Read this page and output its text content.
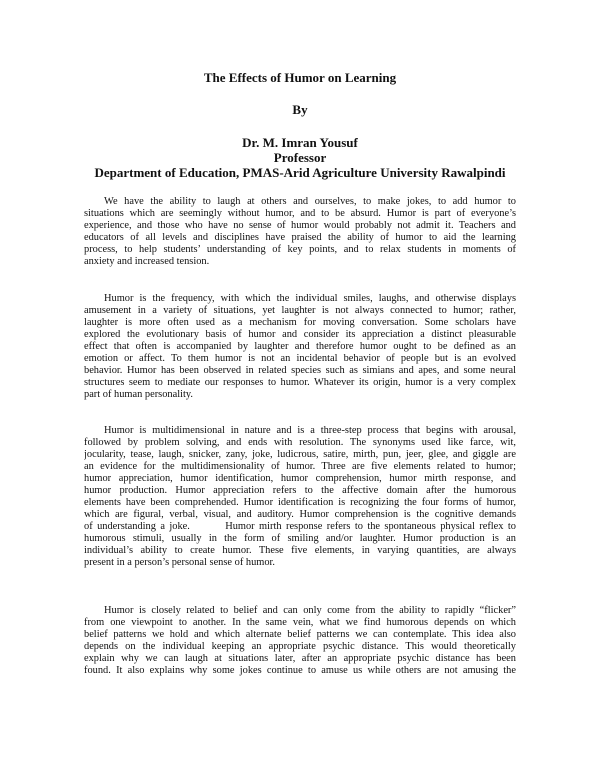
The Effects of Humor on Learning
By
Dr. M. Imran Yousuf
Professor
Department of Education, PMAS-Arid Agriculture University Rawalpindi
We have the ability to laugh at others and ourselves, to make jokes, to add humor to
situations which are seemingly without humor, and to be absurd. Humor is part of everyone’s
experience, and those who have no sense of humor would probably not admit it. Teachers and
educators of all levels and disciplines have praised the ability of humor to aid the learning
process, to help students’ understanding of key points, and to relax students in moments of
anxiety and increased tension.
Humor is the frequency, with which the individual smiles, laughs, and otherwise displays
amusement in a variety of situations, yet laughter is not always connected to humor; rather,
laughter is more often used as a mechanism for moving conversation. Some scholars have
explored the evolutionary basis of humor and consider its appreciation a distinct pleasurable
effect that often is accompanied by laughter and therefore humor ought to be defined as an
emotion or affect. To them humor is not an incidental behavior of people but is an evolved
behavior. Humor has been observed in related species such as simians and apes, and some neural
structures seem to mediate our responses to humor. Whatever its origin, humor is a very complex
part of human personality.
Humor is multidimensional in nature and is a three-step process that begins with arousal,
followed by problem solving, and ends with resolution. The synonyms used like farce, wit,
jocularity, tease, laugh, snicker, zany, joke, ludicrous, satire, mirth, pun, jeer, glee, and giggle are
an evidence for the multidimensionality of humor. Three are five elements related to humor;
humor appreciation, humor identification, humor comprehension, humor mirth response, and
humor production. Humor appreciation refers to the affective domain after the humorous
elements have been comprehended. Humor identification is recognizing the four forms of humor,
which are figural, verbal, visual, and auditory. Humor comprehension is the cognitive demands
of understanding a joke.        Humor mirth response refers to the spontaneous physical reflex to
humorous stimuli, usually in the form of smiling and/or laughter. Humor production is an
individual’s ability to create humor. These five elements, in varying quantities, are always
present in a person’s personal sense of humor.
Humor is closely related to belief and can only come from the ability to rapidly “flicker”
from one viewpoint to another. In the same vein, what we find humorous depends on which
belief patterns we hold and which alternate belief patterns we can contemplate. This idea also
depends on the individual keeping an appropriate psychic distance. This would theoretically
explain why we can laugh at situations later, after an appropriate psychic distance has been
found. It also explains why some jokes continue to amuse us while others are not amusing the
